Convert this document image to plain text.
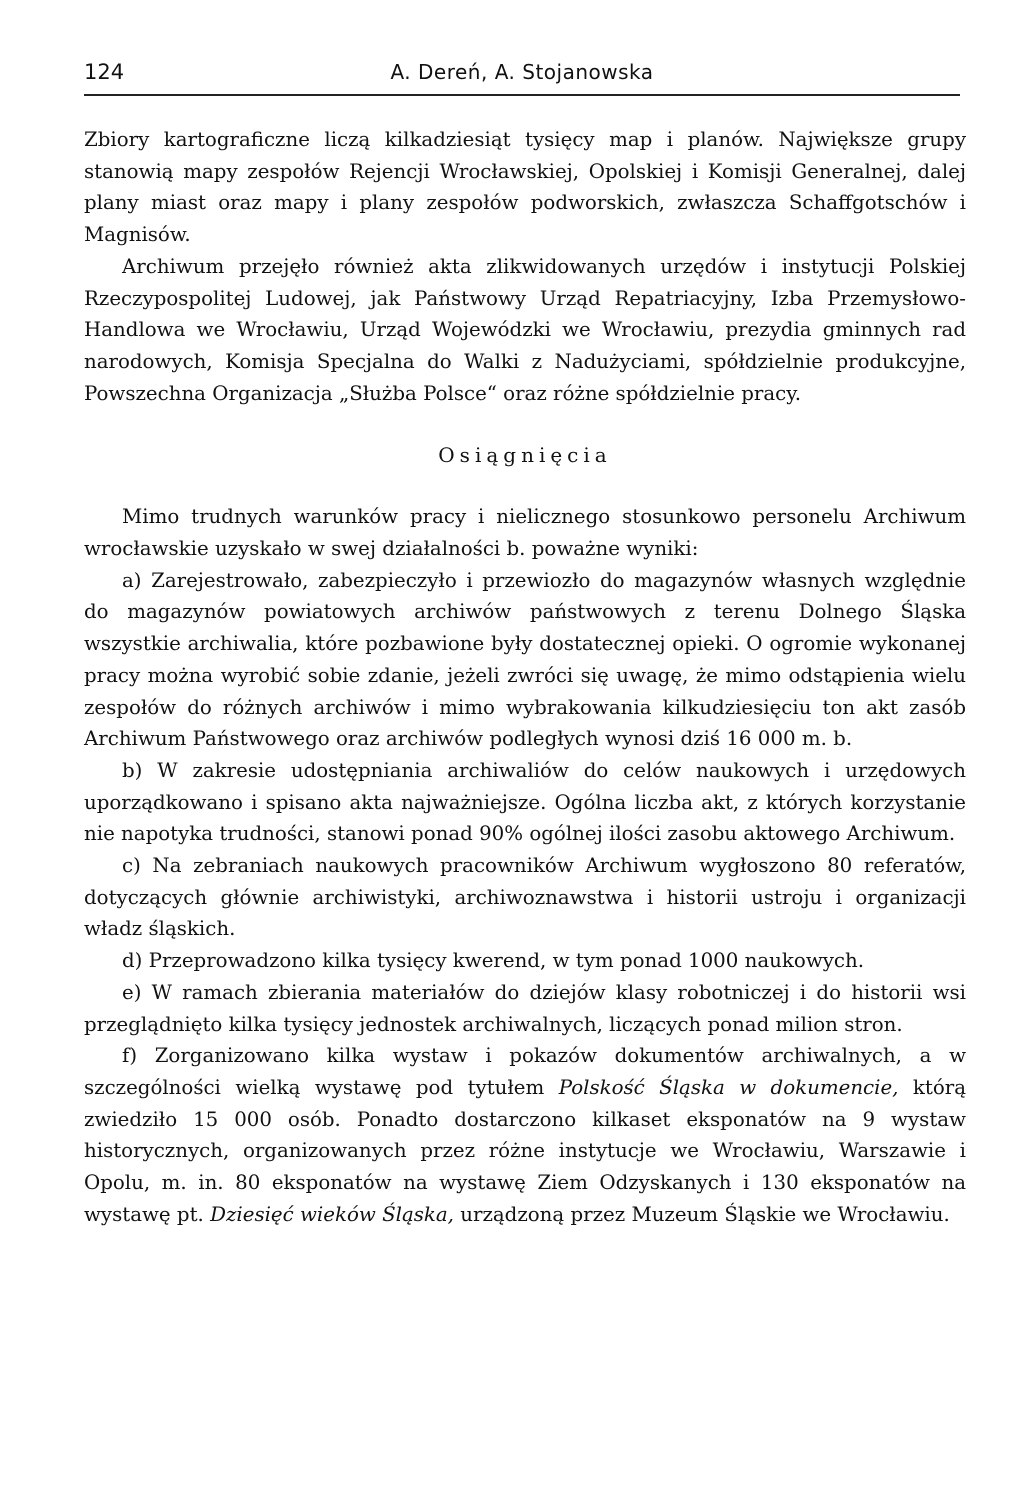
124	A. Dereń, A. Stojanowska

Zbiory kartograficzne liczą kilkadziesiąt tysięcy map i planów. Największe grupy stanowią mapy zespołów Rejencji Wrocławskiej, Opolskiej i Komisji Generalnej, dalej plany miast oraz mapy i plany zespołów podworskich, zwłaszcza Schaffgotschów i Magnisów.

Archiwum przejęło również akta zlikwidowanych urzędów i instytucji Polskiej Rzeczypospolitej Ludowej, jak Państwowy Urząd Repatriacyjny, Izba Przemysłowo-Handlowa we Wrocławiu, Urząd Wojewódzki we Wrocławiu, prezydia gminnych rad narodowych, Komisja Specjalna do Walki z Nadużyciami, spółdzielnie produkcyjne, Powszechna Organizacja „Służba Polsce“ oraz różne spółdzielnie pracy.

Osiągnięcia

Mimo trudnych warunków pracy i nielicznego stosunkowo personelu Archiwum wrocławskie uzyskało w swej działalności b. poważne wyniki:

a) Zarejestrowało, zabezpieczyło i przewiozło do magazynów własnych względnie do magazynów powiatowych archiwów państwowych z terenu Dolnego Śląska wszystkie archiwalia, które pozbawione były dostatecznej opieki. O ogromie wykonanej pracy można wyrobić sobie zdanie, jeżeli zwróci się uwagę, że mimo odstąpienia wielu zespołów do różnych archiwów i mimo wybrakowania kilkudziesięciu ton akt zasób Archiwum Państwowego oraz archiwów podległych wynosi dziś 16 000 m. b.

b) W zakresie udostępniania archiwaliów do celów naukowych i urzędowych uporządkowano i spisano akta najważniejsze. Ogólna liczba akt, z których korzystanie nie napotyka trudności, stanowi ponad 90% ogólnej ilości zasobu aktowego Archiwum.

c) Na zebraniach naukowych pracowników Archiwum wygłoszono 80 referatów, dotyczących głównie archiwistyki, archiwoznawstwa i historii ustroju i organizacji władz śląskich.

d) Przeprowadzono kilka tysięcy kwerend, w tym ponad 1000 naukowych.

e) W ramach zbierania materiałów do dziejów klasy robotniczej i do historii wsi przeglądnięto kilka tysięcy jednostek archiwalnych, liczących ponad milion stron.

f) Zorganizowano kilka wystaw i pokazów dokumentów archiwalnych, a w szczególności wielką wystawę pod tytułem Polskość Śląska w dokumencie, którą zwiedziło 15 000 osób. Ponadto dostarczono kilkaset eksponatów na 9 wystaw historycznych, organizowanych przez różne instytucje we Wrocławiu, Warszawie i Opolu, m. in. 80 eksponatów na wystawę Ziem Odzyskanych i 130 eksponatów na wystawę pt. Dziesięć wieków Śląska, urządzoną przez Muzeum Śląskie we Wrocławiu.
